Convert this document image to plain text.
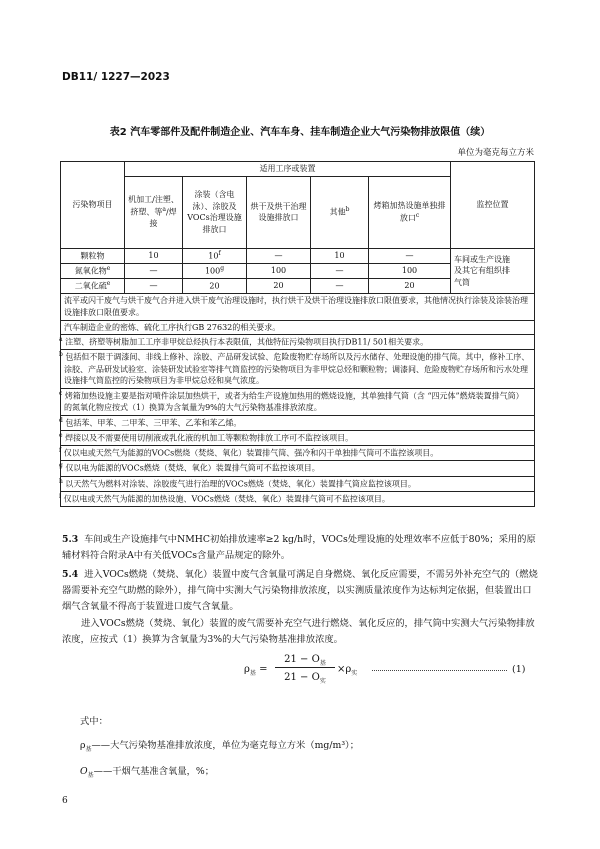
DB11/ 1227—2023
表2 汽车零部件及配件制造企业、汽车车身、挂车制造企业大气污染物排放限值（续）
单位为毫克每立方米
污染物项目	适用工序或装置					监控位置
	机加工/注塑、挤塑、等$^a$/焊接	涂装（含电泳）、涂胶及VOCs治理设施排放口	烘干及烘干治理设施排放口	其他$^b$	烤箱加热设施单独排放口$^c$
颗粒物	10	10$^f$	—	10	—	车间或生产设施
及其它有组织排
气筒
氮氧化物$^e$	—	100$^g$	100	—	100	
二氧化硫$^e$	—	20	20	—	20	
流平或闪干废气与烘干废气合并进入烘干废气治理设施时，执行烘干及烘干治理设施排放口限值要求，其他情况执行涂装及涂装治理设施排放口限值要求。						
汽车制造企业的密炼、硫化工序执行GB 27632的相关要求。						
$^a$ 注塑、挤塑等树脂加工工序非甲烷总烃执行本表限值，其他特征污染物项目执行DB11/ 501相关要求。						
$^b$ 包括但不限于调漆间、非线上修补、涂胶、产品研发试验、危险废物贮存场所以及污水储存、处理设施的排气筒。其中，修补工序、涂胶、产品研发试验室、涂装研发试验室等排气筒监控的污染物项目为非甲烷总烃和颗粒物；调漆间、危险废物贮存场所和污水处理设施排气筒监控的污染物项目为非甲烷总烃和臭气浓度。						
$^c$ 烤箱加热设施主要是指对喷件涂层加热烘干，或者为给生产设施加热用的燃烧设施，其单独排气筒（含 “四元体”燃烧装置排气筒）的氮氧化物应按式（1）换算为含氧量为9%的大气污染物基准排放浓度。						
$^d$ 包括苯、甲苯、二甲苯、三甲苯、乙苯和苯乙烯。						
$^e$ 焊接以及不需要使用切削液或乳化液的机加工等颗粒物排放工序可不监控该项目。						
$^f$ 仅以电或天然气为能源的VOCs燃烧（焚烧、氧化）装置排气筒、强冷和闪干单独排气筒可不监控该项目。						
$^g$ 仅以电为能源的VOCs燃烧（焚烧、氧化）装置排气筒可不监控该项目。						
$^h$ 以天然气为燃料对涂装、涂胶废气进行治理的VOCs燃烧（焚烧、氧化）装置排气筒应监控该项目。						
$^i$ 仅以电或天然气为能源的加热设施、VOCs燃烧（焚烧、氧化）装置排气筒可不监控该项目。						
5.3 车间或生产设施排气中NMHC初始排放速率≥2 kg/h时，VOCs处理设施的处理效率不应低于80%；采用的原辅材料符合附录A中有关低VOCs含量产品规定的除外。
5.4 进入VOCs燃烧（焚烧、氧化）装置中废气含氧量可满足自身燃烧、氧化反应需要，不需另外补充空气的（燃烧器需要补充空气助燃的除外），排气筒中实测大气污染物排放浓度，以实测质量浓度作为达标判定依据，但装置出口烟气含氧量不得高于装置进口废气含氧量。
进入VOCs燃烧（焚烧、氧化）装置的废气需要补充空气进行燃烧、氧化反应的，排气筒中实测大气污染物排放浓度，应按式（1）换算为含氧量为3%的大气污染物基准排放浓度。
$\rho_基$ =
$21 - O_基$
$21 - O_实$
$\times\rho_实$	(1)
式中：
$\rho_基——$大气污染物基准排放浓度，单位为毫克每立方米（mg/m³）；
$O_基——$干烟气基准含氧量，%；
6
